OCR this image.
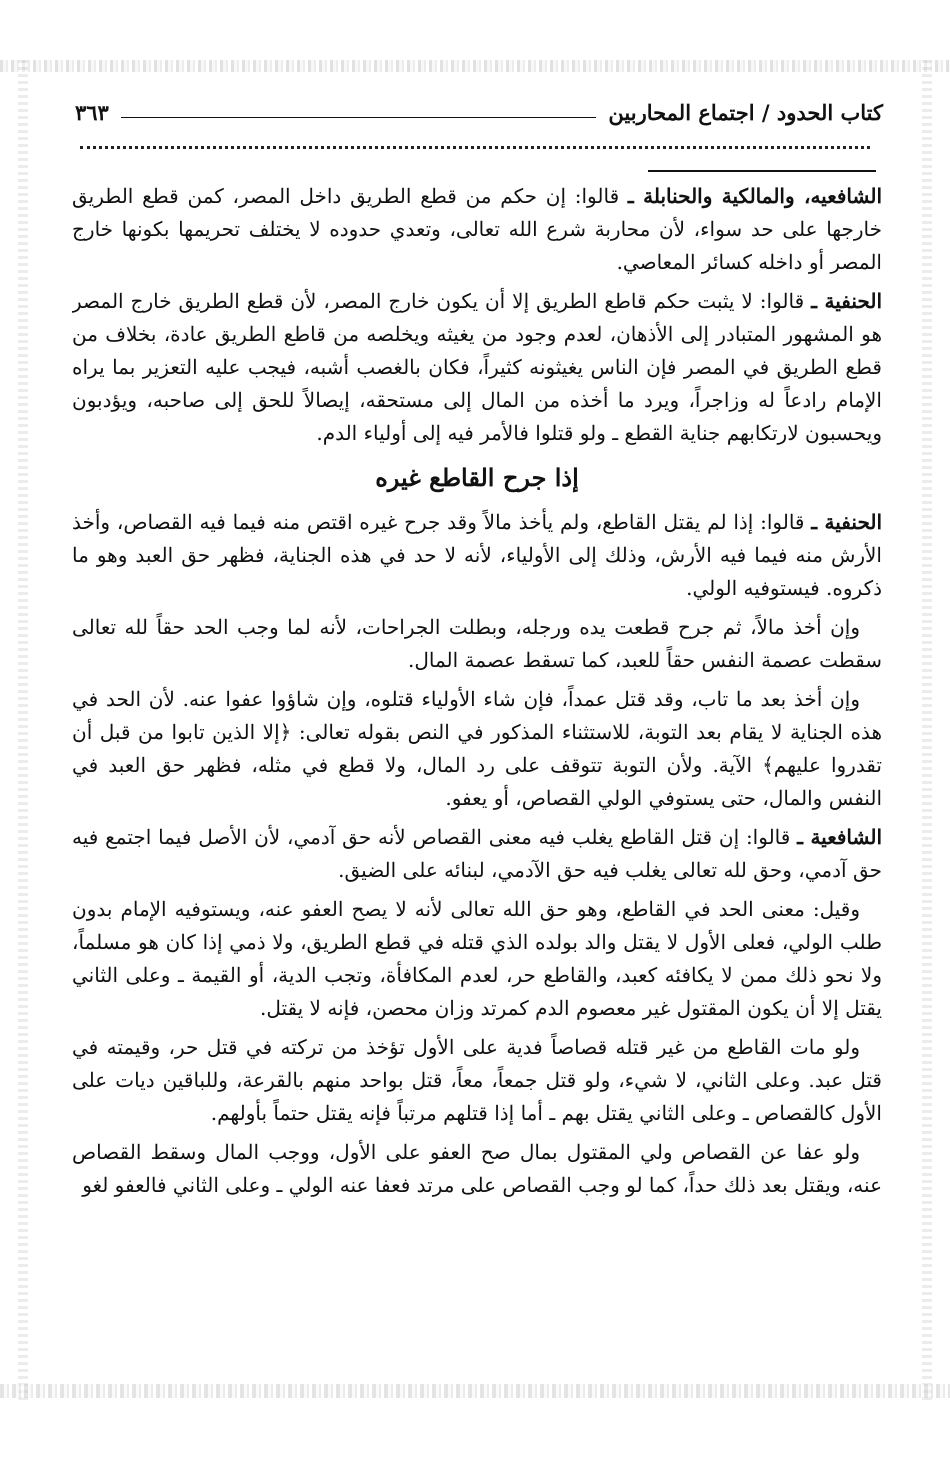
كتاب الحدود / اجتماع المحاربين
٣٦٣

الشافعيه، والمالكية والحنابلة ـ قالوا: إن حكم من قطع الطريق داخل المصر، كمن قطع الطريق خارجها على حد سواء، لأن محاربة شرع الله تعالى، وتعدي حدوده لا يختلف تحريمها بكونها خارج المصر أو داخله كسائر المعاصي.

الحنفية ـ قالوا: لا يثبت حكم قاطع الطريق إلا أن يكون خارج المصر، لأن قطع الطريق خارج المصر هو المشهور المتبادر إلى الأذهان، لعدم وجود من يغيثه ويخلصه من قاطع الطريق عادة، بخلاف من قطع الطريق في المصر فإن الناس يغيثونه كثيراً، فكان بالغصب أشبه، فيجب عليه التعزير بما يراه الإمام رادعاً له وزاجراً، ويرد ما أخذه من المال إلى مستحقه، إيصالاً للحق إلى صاحبه، ويؤدبون ويحسبون لارتكابهم جناية القطع ـ ولو قتلوا فالأمر فيه إلى أولياء الدم.

إذا جرح القاطع غيره

الحنفية ـ قالوا: إذا لم يقتل القاطع، ولم يأخذ مالاً وقد جرح غيره اقتص منه فيما فيه القصاص، وأخذ الأرش منه فيما فيه الأرش، وذلك إلى الأولياء، لأنه لا حد في هذه الجناية، فظهر حق العبد وهو ما ذكروه. فيستوفيه الولي.

وإن أخذ مالاً، ثم جرح قطعت يده ورجله، وبطلت الجراحات، لأنه لما وجب الحد حقاً لله تعالى سقطت عصمة النفس حقاً للعبد، كما تسقط عصمة المال.

وإن أخذ بعد ما تاب، وقد قتل عمداً، فإن شاء الأولياء قتلوه، وإن شاؤوا عفوا عنه. لأن الحد في هذه الجناية لا يقام بعد التوبة، للاستثناء المذكور في النص بقوله تعالى: ﴿إلا الذين تابوا من قبل أن تقدروا عليهم﴾ الآية. ولأن التوبة تتوقف على رد المال، ولا قطع في مثله، فظهر حق العبد في النفس والمال، حتى يستوفي الولي القصاص، أو يعفو.

الشافعية ـ قالوا: إن قتل القاطع يغلب فيه معنى القصاص لأنه حق آدمي، لأن الأصل فيما اجتمع فيه حق آدمي، وحق لله تعالى يغلب فيه حق الآدمي، لبنائه على الضيق.

وقيل: معنى الحد في القاطع، وهو حق الله تعالى لأنه لا يصح العفو عنه، ويستوفيه الإمام بدون طلب الولي، فعلى الأول لا يقتل والد بولده الذي قتله في قطع الطريق، ولا ذمي إذا كان هو مسلماً، ولا نحو ذلك ممن لا يكافئه كعبد، والقاطع حر، لعدم المكافأة، وتجب الدية، أو القيمة ـ وعلى الثاني يقتل إلا أن يكون المقتول غير معصوم الدم كمرتد وزان محصن، فإنه لا يقتل.

ولو مات القاطع من غير قتله قصاصاً فدية على الأول تؤخذ من تركته في قتل حر، وقيمته في قتل عبد. وعلى الثاني، لا شيء، ولو قتل جمعاً، معاً، قتل بواحد منهم بالقرعة، وللباقين ديات على الأول كالقصاص ـ وعلى الثاني يقتل بهم ـ أما إذا قتلهم مرتباً فإنه يقتل حتماً بأولهم.

ولو عفا عن القصاص ولي المقتول بمال صح العفو على الأول، ووجب المال وسقط القصاص عنه، ويقتل بعد ذلك حداً، كما لو وجب القصاص على مرتد فعفا عنه الولي ـ وعلى الثاني فالعفو لغو
